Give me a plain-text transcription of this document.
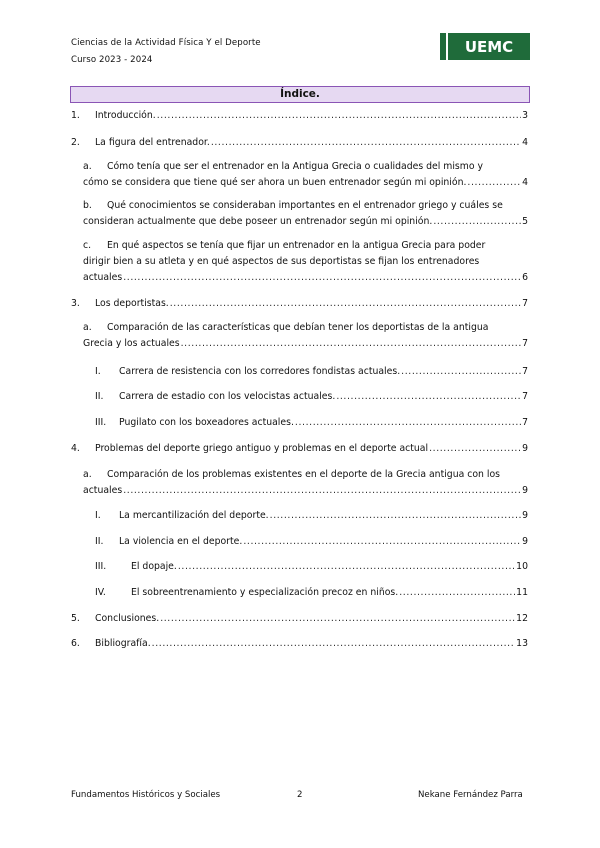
Ciencias de la Actividad Física Y el Deporte
Curso 2023 - 2024
UEMC
Índice.
1.	Introducción. .....	3
2.	La figura del entrenador. .....	4
a.	Cómo tenía que ser el entrenador en la Antigua Grecia o cualidades del mismo y
cómo se considera que tiene qué ser ahora un buen entrenador según mi opinión. .....	4
b.	Qué conocimientos se consideraban importantes en el entrenador griego y cuáles se
consideran actualmente que debe poseer un entrenador según mi opinión. .....	5
c.	En qué aspectos se tenía que fijar un entrenador en la antigua Grecia para poder
dirigir bien a su atleta y en qué aspectos de sus deportistas se fijan los entrenadores
actuales .....	6
3.	Los deportistas. .....	7
a.	Comparación de las características que debían tener los deportistas de la antigua
Grecia y los actuales .....	7
I.	Carrera de resistencia con los corredores fondistas actuales. .....	7
II.	Carrera de estadio con los velocistas actuales. .....	7
III.	Pugilato con los boxeadores actuales. .....	7
4.	Problemas del deporte griego antiguo y problemas en el deporte actual .....	9
a.	Comparación de los problemas existentes en el deporte de la Grecia antigua con los
actuales .....	9
I.	La mercantilización del deporte. .....	9
II.	La violencia en el deporte. .....	9
III.	El dopaje. .....	10
IV.	El sobreentrenamiento y especialización precoz en niños. .....	11
5.	Conclusiones. .....	12
6.	Bibliografía. .....	13
Fundamentos Históricos y Sociales	2	Nekane Fernández Parra
